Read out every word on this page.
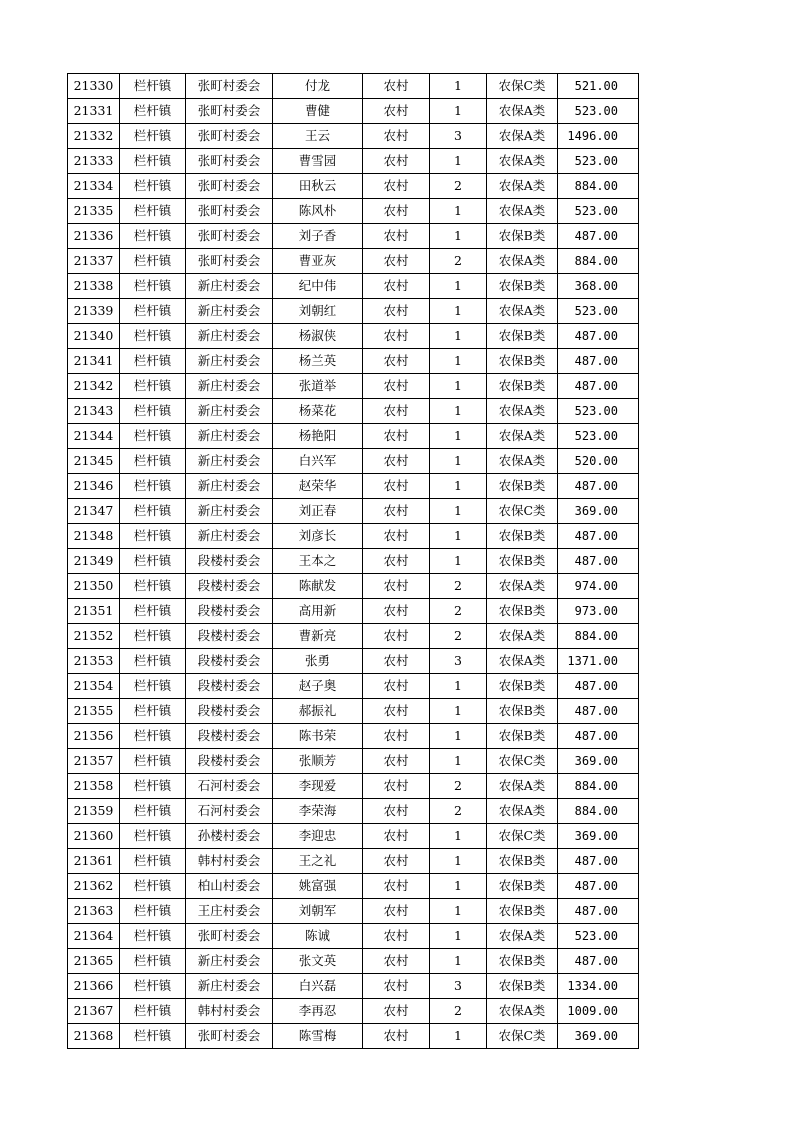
21330	栏杆镇	张町村委会	付龙	农村	1	农保C类	521.00
21331	栏杆镇	张町村委会	曹健	农村	1	农保A类	523.00
21332	栏杆镇	张町村委会	王云	农村	3	农保A类	1496.00
21333	栏杆镇	张町村委会	曹雪园	农村	1	农保A类	523.00
21334	栏杆镇	张町村委会	田秋云	农村	2	农保A类	884.00
21335	栏杆镇	张町村委会	陈风朴	农村	1	农保A类	523.00
21336	栏杆镇	张町村委会	刘子香	农村	1	农保B类	487.00
21337	栏杆镇	张町村委会	曹亚灰	农村	2	农保A类	884.00
21338	栏杆镇	新庄村委会	纪中伟	农村	1	农保B类	368.00
21339	栏杆镇	新庄村委会	刘朝红	农村	1	农保A类	523.00
21340	栏杆镇	新庄村委会	杨淑侠	农村	1	农保B类	487.00
21341	栏杆镇	新庄村委会	杨兰英	农村	1	农保B类	487.00
21342	栏杆镇	新庄村委会	张道举	农村	1	农保B类	487.00
21343	栏杆镇	新庄村委会	杨菜花	农村	1	农保A类	523.00
21344	栏杆镇	新庄村委会	杨艳阳	农村	1	农保A类	523.00
21345	栏杆镇	新庄村委会	白兴军	农村	1	农保A类	520.00
21346	栏杆镇	新庄村委会	赵荣华	农村	1	农保B类	487.00
21347	栏杆镇	新庄村委会	刘正春	农村	1	农保C类	369.00
21348	栏杆镇	新庄村委会	刘彦长	农村	1	农保B类	487.00
21349	栏杆镇	段楼村委会	王本之	农村	1	农保B类	487.00
21350	栏杆镇	段楼村委会	陈献发	农村	2	农保A类	974.00
21351	栏杆镇	段楼村委会	高用新	农村	2	农保B类	973.00
21352	栏杆镇	段楼村委会	曹新亮	农村	2	农保A类	884.00
21353	栏杆镇	段楼村委会	张勇	农村	3	农保A类	1371.00
21354	栏杆镇	段楼村委会	赵子奥	农村	1	农保B类	487.00
21355	栏杆镇	段楼村委会	郝振礼	农村	1	农保B类	487.00
21356	栏杆镇	段楼村委会	陈书荣	农村	1	农保B类	487.00
21357	栏杆镇	段楼村委会	张顺芳	农村	1	农保C类	369.00
21358	栏杆镇	石河村委会	李现爱	农村	2	农保A类	884.00
21359	栏杆镇	石河村委会	李荣海	农村	2	农保A类	884.00
21360	栏杆镇	孙楼村委会	李迎忠	农村	1	农保C类	369.00
21361	栏杆镇	韩村村委会	王之礼	农村	1	农保B类	487.00
21362	栏杆镇	柏山村委会	姚富强	农村	1	农保B类	487.00
21363	栏杆镇	王庄村委会	刘朝军	农村	1	农保B类	487.00
21364	栏杆镇	张町村委会	陈诚	农村	1	农保A类	523.00
21365	栏杆镇	新庄村委会	张文英	农村	1	农保B类	487.00
21366	栏杆镇	新庄村委会	白兴磊	农村	3	农保B类	1334.00
21367	栏杆镇	韩村村委会	李再忍	农村	2	农保A类	1009.00
21368	栏杆镇	张町村委会	陈雪梅	农村	1	农保C类	369.00
